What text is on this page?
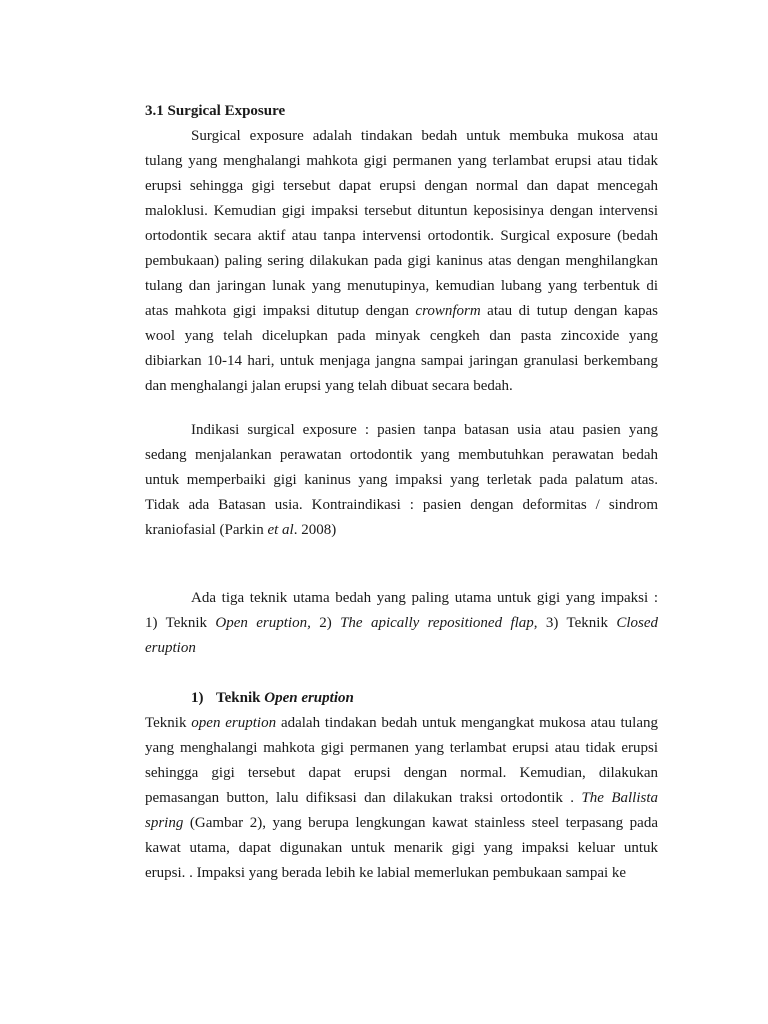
3.1 Surgical Exposure
Surgical exposure adalah tindakan bedah untuk membuka mukosa atau
tulang yang menghalangi mahkota gigi permanen yang terlambat erupsi atau tidak
erupsi sehingga gigi tersebut dapat erupsi dengan normal dan dapat mencegah
maloklusi. Kemudian gigi impaksi tersebut dituntun keposisinya dengan intervensi
ortodontik secara aktif atau tanpa intervensi ortodontik. Surgical exposure (bedah
pembukaan) paling sering dilakukan pada gigi kaninus atas dengan menghilangkan
tulang dan jaringan lunak yang menutupinya, kemudian lubang yang terbentuk di
atas mahkota gigi impaksi ditutup dengan crownform atau di tutup dengan kapas
wool yang telah dicelupkan pada minyak cengkeh dan pasta zincoxide yang
dibiarkan 10-14 hari, untuk menjaga jangna sampai jaringan granulasi berkembang
dan menghalangi jalan erupsi yang telah dibuat secara bedah.
Indikasi surgical exposure : pasien tanpa batasan usia atau pasien yang
sedang menjalankan perawatan ortodontik yang membutuhkan perawatan bedah
untuk memperbaiki gigi kaninus yang impaksi yang terletak pada palatum atas.
Tidak ada Batasan usia. Kontraindikasi : pasien dengan deformitas / sindrom
kraniofasial (Parkin et al. 2008)
Ada tiga teknik utama bedah yang paling utama untuk gigi yang impaksi :
1) Teknik Open eruption, 2) The apically repositioned flap, 3) Teknik Closed
eruption
1) Teknik Open eruption
Teknik open eruption adalah tindakan bedah untuk mengangkat mukosa atau tulang
yang menghalangi mahkota gigi permanen yang terlambat erupsi atau tidak erupsi
sehingga gigi tersebut dapat erupsi dengan normal. Kemudian, dilakukan
pemasangan button, lalu difiksasi dan dilakukan traksi ortodontik . The Ballista
spring (Gambar 2), yang berupa lengkungan kawat stainless steel terpasang pada
kawat utama, dapat digunakan untuk menarik gigi yang impaksi keluar untuk
erupsi. . Impaksi yang berada lebih ke labial memerlukan pembukaan sampai ke
